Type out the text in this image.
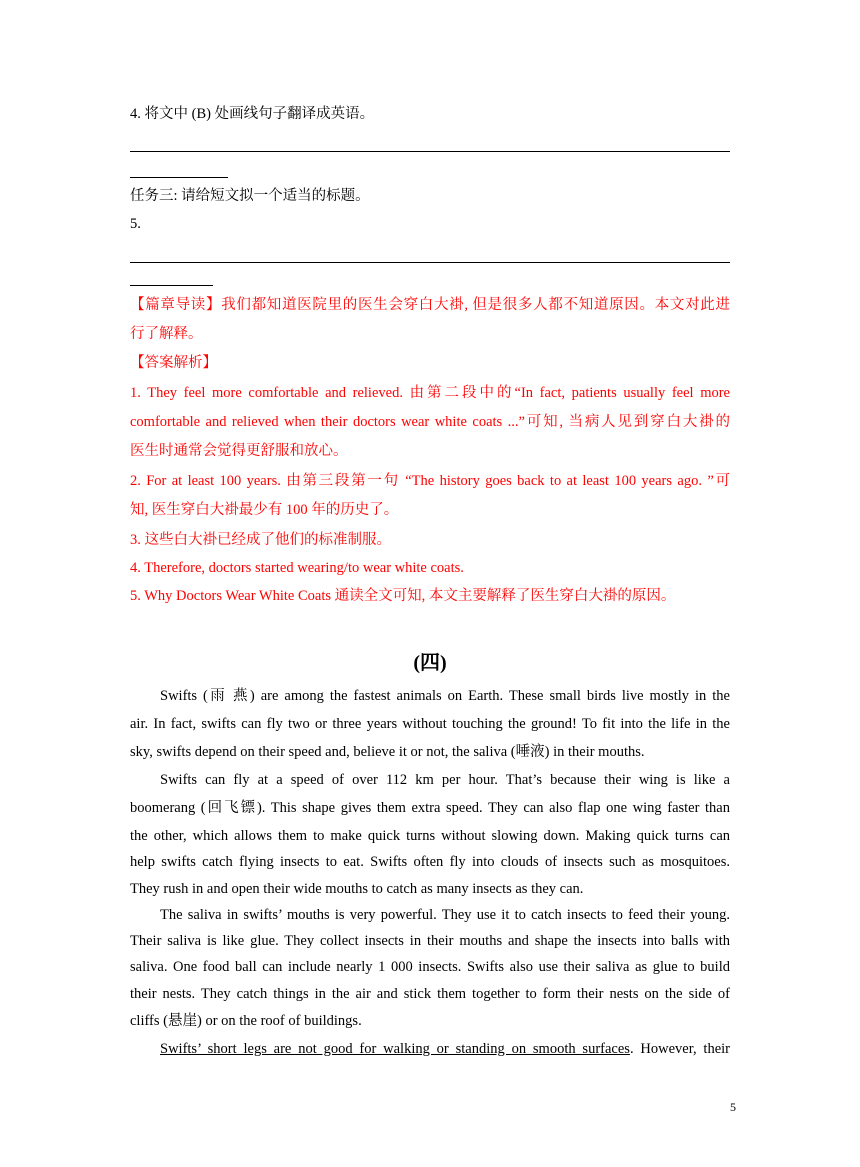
4. 将文中 (B) 处画线句子翻译成英语。
任务三: 请给短文拟一个适当的标题。
5.
【篇章导读】我们都知道医院里的医生会穿白大褂, 但是很多人都不知道原因。本文对此进
行了解释。
【答案解析】
1. They feel more comfortable and relieved. 由第二段中的“In fact, patients usually feel more
comfortable and relieved when their doctors wear white coats ...”可知, 当病人见到穿白大褂的
医生时通常会觉得更舒服和放心。
2. For at least 100 years. 由第三段第一句 “The history goes back to at least 100 years ago. ”可
知, 医生穿白大褂最少有 100 年的历史了。
3. 这些白大褂已经成了他们的标准制服。
4. Therefore, doctors started wearing/to wear white coats.
5. Why Doctors Wear White Coats 通读全文可知, 本文主要解释了医生穿白大褂的原因。
(四)
Swifts (雨 燕) are among the fastest animals on Earth. These small birds live mostly in the
air. In fact, swifts can fly two or three years without touching the ground! To fit into the life in the
sky, swifts depend on their speed and, believe it or not, the saliva (唾液) in their mouths.
Swifts can fly at a speed of over 112 km per hour. That’s because their wing is like a
boomerang (回飞镖). This shape gives them extra speed. They can also flap one wing faster than
the other, which allows them to make quick turns without slowing down. Making quick turns can
help swifts catch flying insects to eat. Swifts often fly into clouds of insects such as mosquitoes.
They rush in and open their wide mouths to catch as many insects as they can.
The saliva in swifts’ mouths is very powerful. They use it to catch insects to feed their young.
Their saliva is like glue. They collect insects in their mouths and shape the insects into balls with
saliva. One food ball can include nearly 1 000 insects. Swifts also use their saliva as glue to build
their nests. They catch things in the air and stick them together to form their nests on the side of
cliffs (悬崖) or on the roof of buildings.
Swifts’ short legs are not good for walking or standing on smooth surfaces. However, their
5
